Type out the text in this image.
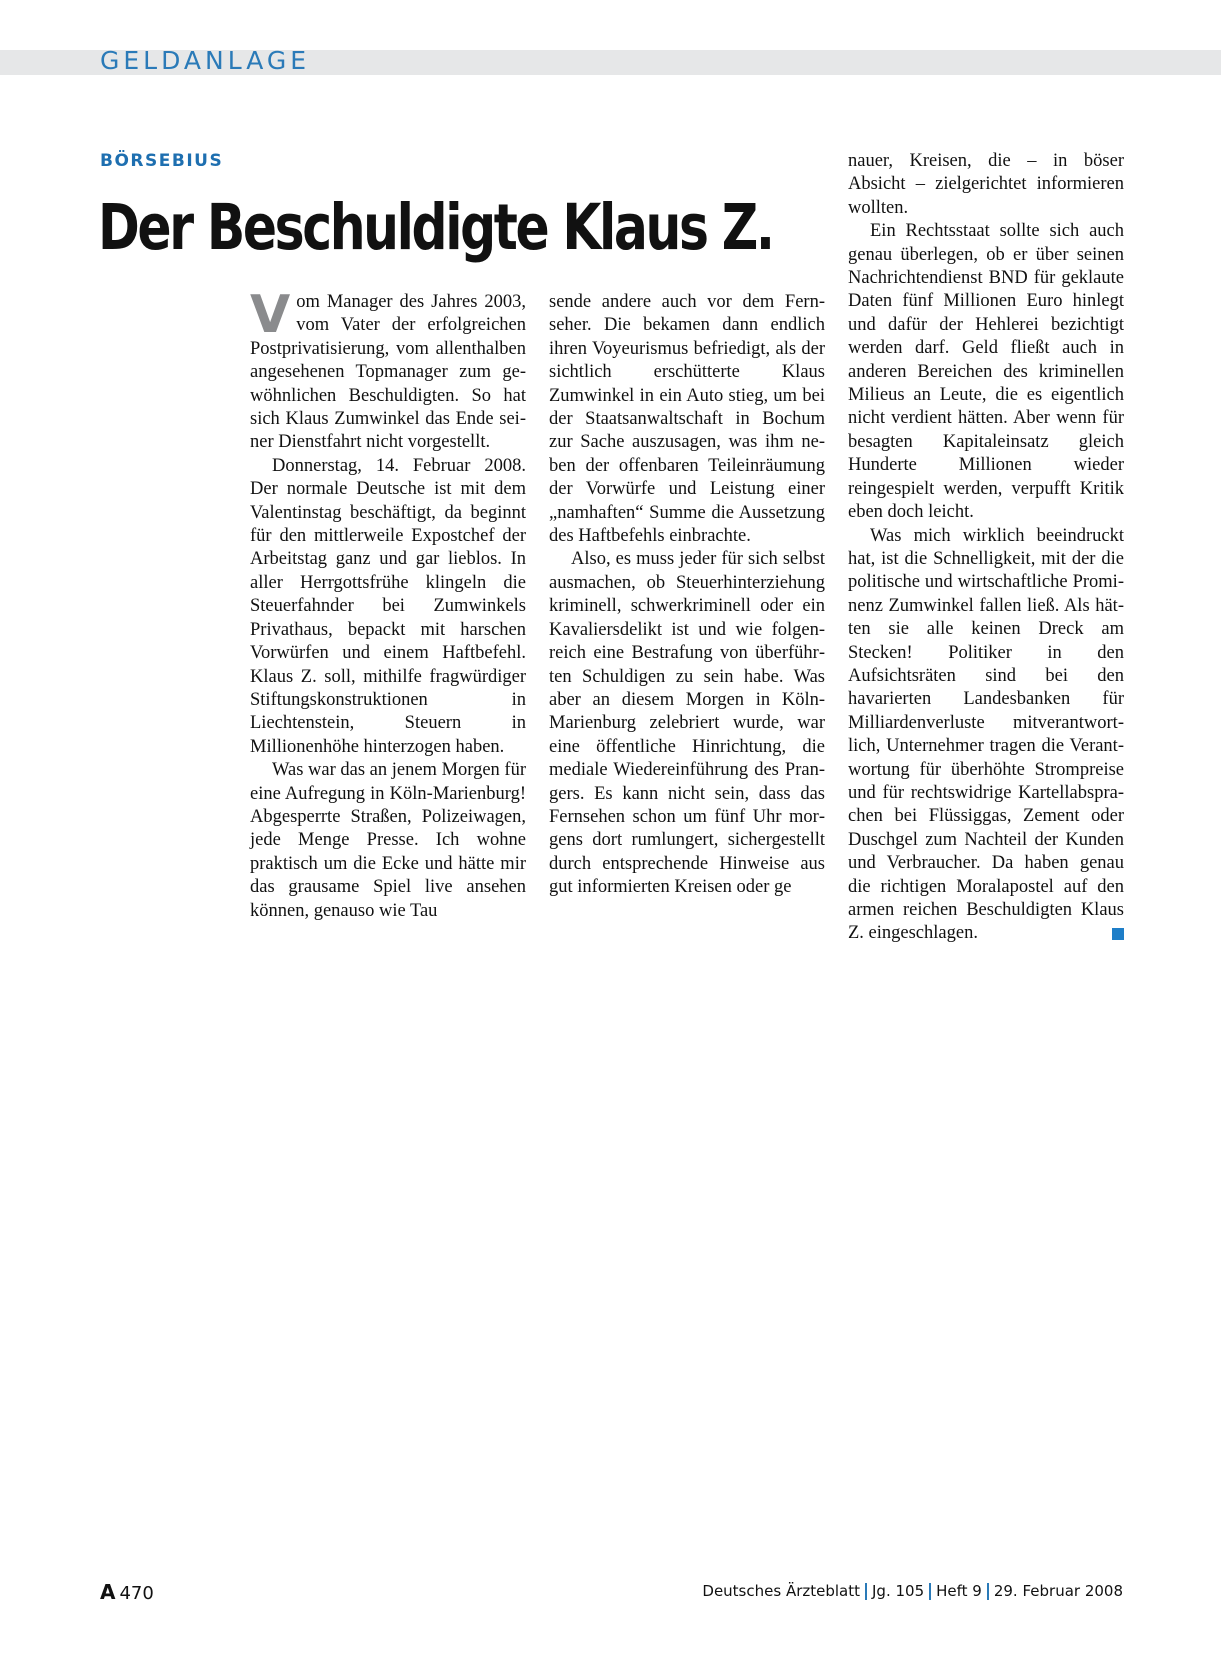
GELDANLAGE
BÖRSEBIUS
Der Beschuldigte Klaus Z.

Vom Manager des Jahres 2003, vom Vater der erfolgreichen Postprivatisierung, vom allenthalben angesehenen Topmanager zum gewöhnlichen Beschuldigten. So hat sich Klaus Zumwinkel das Ende seiner Dienstfahrt nicht vorgestellt.

Donnerstag, 14. Februar 2008. Der normale Deutsche ist mit dem Valentinstag beschäftigt, da beginnt für den mittlerweile Expostchef der Arbeitstag ganz und gar lieblos. In aller Herrgottsfrühe klingeln die Steuerfahnder bei Zumwinkels Privathaus, bepackt mit harschen Vorwürfen und einem Haftbefehl. Klaus Z. soll, mithilfe fragwürdiger Stiftungskonstruktionen in Liechtenstein, Steuern in Millionenhöhe hinterzogen haben.

Was war das an jenem Morgen für eine Aufregung in Köln-Marienburg! Abgesperrte Straßen, Polizeiwagen, jede Menge Presse. Ich wohne praktisch um die Ecke und hätte mir das grausame Spiel live ansehen können, genauso wie Tau

sende andere auch vor dem Fernseher. Die bekamen dann endlich ihren Voyeurismus befriedigt, als der sichtlich erschütterte Klaus Zumwinkel in ein Auto stieg, um bei der Staatsanwaltschaft in Bochum zur Sache auszusagen, was ihm neben der offenbaren Teileinräumung der Vorwürfe und Leistung einer „namhaften“ Summe die Aussetzung des Haftbefehls einbrachte.

Also, es muss jeder für sich selbst ausmachen, ob Steuerhinterziehung kriminell, schwerkriminell oder ein Kavaliersdelikt ist und wie folgenreich eine Bestrafung von überführten Schuldigen zu sein habe. Was aber an diesem Morgen in Köln-Marienburg zelebriert wurde, war eine öffentliche Hinrichtung, die mediale Wiedereinführung des Prangers. Es kann nicht sein, dass das Fernsehen schon um fünf Uhr morgens dort rumlungert, sichergestellt durch entsprechende Hinweise aus gut informierten Kreisen oder ge

nauer, Kreisen, die – in böser Absicht – zielgerichtet informieren wollten.

Ein Rechtsstaat sollte sich auch genau überlegen, ob er über seinen Nachrichtendienst BND für geklaute Daten fünf Millionen Euro hinlegt und dafür der Hehlerei bezichtigt werden darf. Geld fließt auch in anderen Bereichen des kriminellen Milieus an Leute, die es eigentlich nicht verdient hätten. Aber wenn für besagten Kapitaleinsatz gleich Hunderte Millionen wieder reingespielt werden, verpufft Kritik eben doch leicht.

Was mich wirklich beeindruckt hat, ist die Schnelligkeit, mit der die politische und wirtschaftliche Prominenz Zumwinkel fallen ließ. Als hätten sie alle keinen Dreck am Stecken! Politiker in den Aufsichtsräten sind bei den havarierten Landesbanken für Milliardenverluste mitverantwortlich, Unternehmer tragen die Verantwortung für überhöhte Strompreise und für rechtswidrige Kartellabsprachen bei Flüssiggas, Zement oder Duschgel zum Nachteil der Kunden und Verbraucher. Da haben genau die richtigen Moralapostel auf den armen reichen Beschuldigten Klaus Z. eingeschlagen.

A 470	Deutsches Ärzteblatt Jg. 105 Heft 9 29. Februar 2008
